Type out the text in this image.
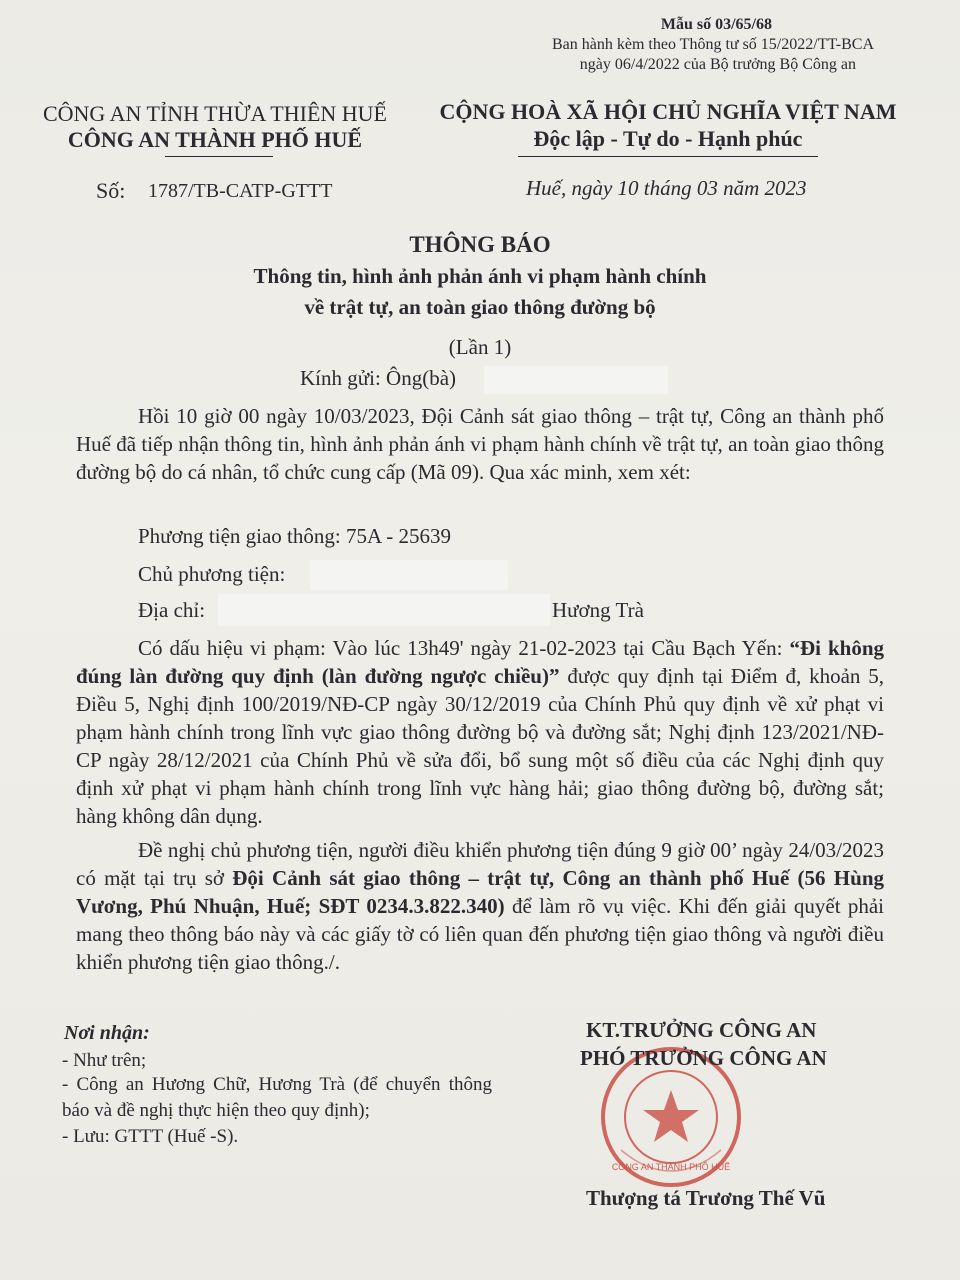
Mẫu số 03/65/68
Ban hành kèm theo Thông tư số 15/2022/TT-BCA
ngày 06/4/2022 của Bộ trưởng Bộ Công an
CÔNG AN TỈNH THỪA THIÊN HUẾ
CÔNG AN THÀNH PHỐ HUẾ
CỘNG HOÀ XÃ HỘI CHỦ NGHĨA VIỆT NAM
Độc lập - Tự do - Hạnh phúc
Số: 1787/TB-CATP-GTTT	Huế, ngày 10 tháng 03 năm 2023
THÔNG BÁO
Thông tin, hình ảnh phản ánh vi phạm hành chính
về trật tự, an toàn giao thông đường bộ
(Lần 1)
Kính gửi: Ông(bà)

Hồi 10 giờ 00 ngày 10/03/2023, Đội Cảnh sát giao thông – trật tự, Công an thành phố Huế đã tiếp nhận thông tin, hình ảnh phản ánh vi phạm hành chính về trật tự, an toàn giao thông đường bộ do cá nhân, tổ chức cung cấp (Mã 09). Qua xác minh, xem xét:

Phương tiện giao thông: 75A - 25639
Chủ phương tiện:
Địa chỉ:	Hương Trà

Có dấu hiệu vi phạm: Vào lúc 13h49' ngày 21-02-2023 tại Cầu Bạch Yến: “Đi không đúng làn đường quy định (làn đường ngược chiều)” được quy định tại Điểm đ, khoản 5, Điều 5, Nghị định 100/2019/NĐ-CP ngày 30/12/2019 của Chính Phủ quy định về xử phạt vi phạm hành chính trong lĩnh vực giao thông đường bộ và đường sắt; Nghị định 123/2021/NĐ-CP ngày 28/12/2021 của Chính Phủ về sửa đổi, bổ sung một số điều của các Nghị định quy định xử phạt vi phạm hành chính trong lĩnh vực hàng hải; giao thông đường bộ, đường sắt; hàng không dân dụng.

Đề nghị chủ phương tiện, người điều khiển phương tiện đúng 9 giờ 00’ ngày 24/03/2023 có mặt tại trụ sở Đội Cảnh sát giao thông – trật tự, Công an thành phố Huế (56 Hùng Vương, Phú Nhuận, Huế; SĐT 0234.3.822.340) để làm rõ vụ việc. Khi đến giải quyết phải mang theo thông báo này và các giấy tờ có liên quan đến phương tiện giao thông và người điều khiển phương tiện giao thông./.

Nơi nhận:
- Như trên;
- Công an Hương Chữ, Hương Trà (để chuyển thông báo và đề nghị thực hiện theo quy định);
- Lưu: GTTT (Huế -S).
CÔNG AN THÀNH PHỐ HUẾ
KT.TRƯỞNG CÔNG AN
PHÓ TRƯỞNG CÔNG AN
Thượng tá Trương Thế Vũ
